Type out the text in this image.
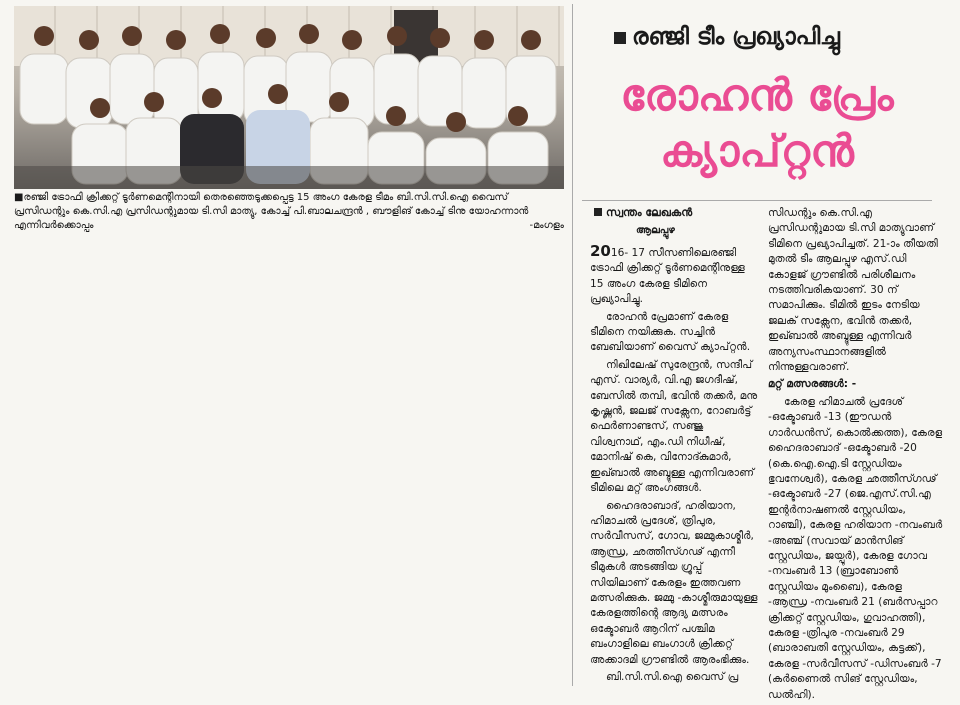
■രഞ്ജി ട്രോഫി ക്രിക്കറ്റ് ടൂർണമെന്റിനായി തെരഞ്ഞെടുക്കപ്പെട്ട 15 അംഗ കേരള ടീമം ബി.സി.സി.ഐ വൈസ് പ്രസിഡന്റും കെ.സി.എ പ്രസിഡന്റുമായ ടി.സി മാത്യു, കോച്ച് പി.ബാലചന്ദ്രൻ , ബൗളിങ് കോച്ച് ടിനു യോഹന്നാൻ എന്നിവർക്കൊപ്പം	-മംഗളം
രഞ്ജി ടീം പ്രഖ്യാപിച്ചു
രോഹൻ പ്രേം
ക്യാപ്റ്റൻ
സ്വന്തം ലേഖകൻ
ആലപ്പുഴ

2016- 17 സീസണിലെരഞ്ജി ട്രോഫി ക്രിക്കറ്റ് ടൂർണമെന്റിനുള്ള 15 അംഗ കേരള ടീമിനെ പ്രഖ്യാപിച്ചു.

രോഹൻ പ്രേമാണ് കേരള ടീമിനെ നയിക്കുക. സച്ചിൻ ബേബിയാണ് വൈസ് ക്യാപ്റ്റൻ.

നിഖിലേഷ് സുരേന്ദ്രൻ, സന്ദീപ് എസ്. വാര്യർ, വി.എ ജഗദീഷ്, ബേസിൽ തമ്പി, ഭവിൻ തക്കർ, മനു കൃഷ്ണൻ, ജലജ് സക്സേന, റോബർട്ട് ഫെർണാണ്ടസ്, സഞ്ജു വിശ്വനാഥ്, എം.ഡി നിധീഷ്, മോനിഷ് കെ, വിനോദ്കുമാർ, ഇഖ്ബാൽ അബ്ദുള്ള എന്നിവരാണ് ടീമിലെ മറ്റ് അംഗങ്ങൾ.

ഹൈദരാബാദ്, ഹരിയാന, ഹിമാചൽ പ്രദേശ്, ത്രിപുര, സർവീസസ്, ഗോവ, ജമ്മുകാശ്മീർ, ആന്ധ്ര, ഛത്തീസ്ഗഢ് എന്നീ ടീമുകൾ അടങ്ങിയ ഗ്രൂപ്പ് സിയിലാണ് കേരളം ഇത്തവണ മത്സരിക്കുക. ജമ്മു -കാശ്മീരുമായുള്ള കേരളത്തിന്റെ ആദ്യ മത്സരം ഒക്ടോബർ ആറിന് പശ്ചിമ ബംഗാളിലെ ബംഗാൾ ക്രിക്കറ്റ് അക്കാദമി ഗ്രൗണ്ടിൽ ആരംഭിക്കും.

ബി.സി.സി.ഐ വൈസ് പ്ര

സിഡന്റും കെ.സി.എ പ്രസിഡന്റുമായ ടി.സി മാത്യുവാണ് ടീമിനെ പ്രഖ്യാപിച്ചത്. 21-ാം തീയതി മുതൽ ടീം ആലപ്പുഴ എസ്.ഡി കോളജ് ഗ്രൗണ്ടിൽ പരിശീലനം നടത്തിവരികയാണ്. 30 ന് സമാപിക്കും. ടീമിൽ ഇടം നേടിയ ജലക് സക്സേന, ഭവിൻ തക്കർ, ഇഖ്ബാൽ അബ്ദുള്ള എന്നിവർ അന്യസംസ്ഥാനങ്ങളിൽ നിന്നുള്ളവരാണ്.

മറ്റ് മത്സരങ്ങൾ: -

കേരള ഹിമാചൽ പ്രദേശ് -ഒക്ടോബർ -13 (ഈഡൻ ഗാർഡൻസ്, കൊൽക്കത്ത), കേരള ഹൈദരാബാദ് -ഒക്ടോബർ -20 (കെ.ഐ.ഐ.ടി സ്റ്റേഡിയം ഭുവനേശ്വർ), കേരള ഛത്തീസ്ഗഢ് -ഒക്ടോബർ -27 (ജെ.എസ്.സി.എ ഇന്റർനാഷണൽ സ്റ്റേഡിയം, റാഞ്ചി), കേരള ഹരിയാന -നവംബർ -അഞ്ച് (സവായ് മാൻസിങ് സ്റ്റേഡിയം, ജയ്പൂർ), കേരള ഗോവ -നവംബർ 13 (ബ്രാബോൺ സ്റ്റേഡിയം മുംബൈ), കേരള -ആന്ധ്ര -നവംബർ 21 (ബർസപ്പാറ ക്രിക്കറ്റ് സ്റ്റേഡിയം, ഗുവാഹത്തി), കേരള -ത്രിപുര -നവംബർ 29 (ബാരാബതി സ്റ്റേഡിയം, കട്ടക്ക്), കേരള -സർവീസസ് -ഡിസംബർ -7 (കർണൈൽ സിങ് സ്റ്റേഡിയം, ഡൽഹി).
